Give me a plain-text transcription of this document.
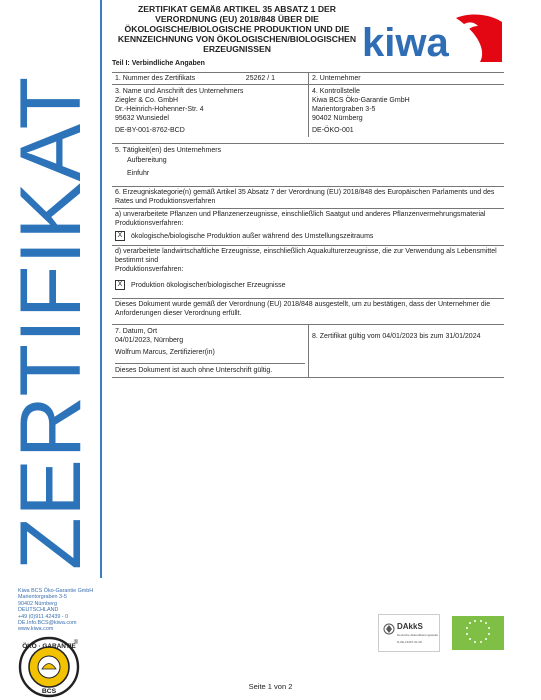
ZERTIFIKAT
Kiwa BCS Öko-Garantie GmbH
Marientorgraben 3-5
90402 Nürnberg
DEUTSCHLAND
+49 (0)911 42439 - 0
DE.Info.BCS@kiwa.com
www.kiwa.com
ÖKO · GARANTIE
BCS
®
ZERTIFIKAT GEMÄß ARTIKEL 35 ABSATZ 1 DER
VERORDNUNG (EU) 2018/848 ÜBER DIE
ÖKOLOGISCHE/BIOLOGISCHE PRODUKTION UND DIE
KENNZEICHNUNG VON ÖKOLOGISCHEN/BIOLOGISCHEN
ERZEUGNISSEN	kiwa
Teil I: Verbindliche Angaben
1. Nummer des Zertifikats	25262 / 1	2. Unternehmer
3. Name und Anschrift des Unternehmers
Ziegler & Co. GmbH
Dr.-Heinrich-Hohenner-Str. 4
95632 Wunsiedel
DE-BY-001-8762-BCD
4. Kontrollstelle
Kiwa BCS Öko-Garantie GmbH
Marientorgraben 3-5
90402 Nürnberg
DE-ÖKO-001
5. Tätigkeit(en) des Unternehmers
Aufbereitung
Einfuhr
6. Erzeugniskategorie(n) gemäß Artikel 35 Absatz 7 der Verordnung (EU) 2018/848 des Europäischen Parlaments und des Rates und Produktionsverfahren
a) unverarbeitete Pflanzen und Pflanzenerzeugnisse, einschließlich Saatgut und anderes Pflanzenvermehrungsmaterial
Produktionsverfahren:
X	ökologische/biologische Produktion außer während des Umstellungszeitraums
d) verarbeitete landwirtschaftliche Erzeugnisse, einschließlich Aquakulturerzeugnisse, die zur Verwendung als Lebensmittel bestimmt sind
Produktionsverfahren:
X	Produktion ökologischer/biologischer Erzeugnisse
Dieses Dokument wurde gemäß der Verordnung (EU) 2018/848 ausgestellt, um zu bestätigen, dass der Unternehmer die Anforderungen dieser Verordnung erfüllt.
7. Datum, Ort
04/01/2023, Nürnberg
Wolfrum Marcus, Zertifizierer(in)
Dieses Dokument ist auch ohne Unterschrift gültig.
8. Zertifikat gültig vom 04/01/2023 bis zum 31/01/2024
DAkkS
Deutsche Akkreditierungsstelle
D-ZE-13267-01-00
Seite 1 von 2
